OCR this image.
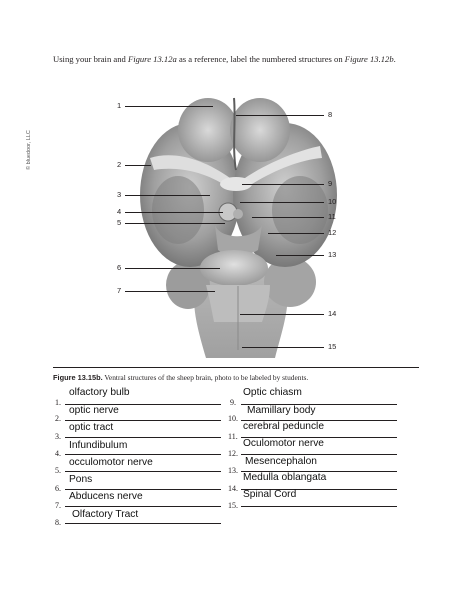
Using your brain and Figure 13.12a as a reference, label the numbered structures on Figure 13.12b.
© bluedoor, LLC
1
2
3
4
5
6
7
8
9
10
11
12
13
14
15
Figure 13.15b. Ventral structures of the sheep brain, photo to be labeled by students.
1.
olfactory bulb
2.
optic nerve
3.
optic tract
4.
Infundibulum
5.
occulomotor nerve
6.
Pons
7.
Abducens nerve
8.
Olfactory Tract
9.
Optic chiasm
10.
Mamillary body
11.
cerebral peduncle
12.
Oculomotor nerve
13.
Mesencephalon
14.
Medulla oblangata
15.
Spinal Cord
